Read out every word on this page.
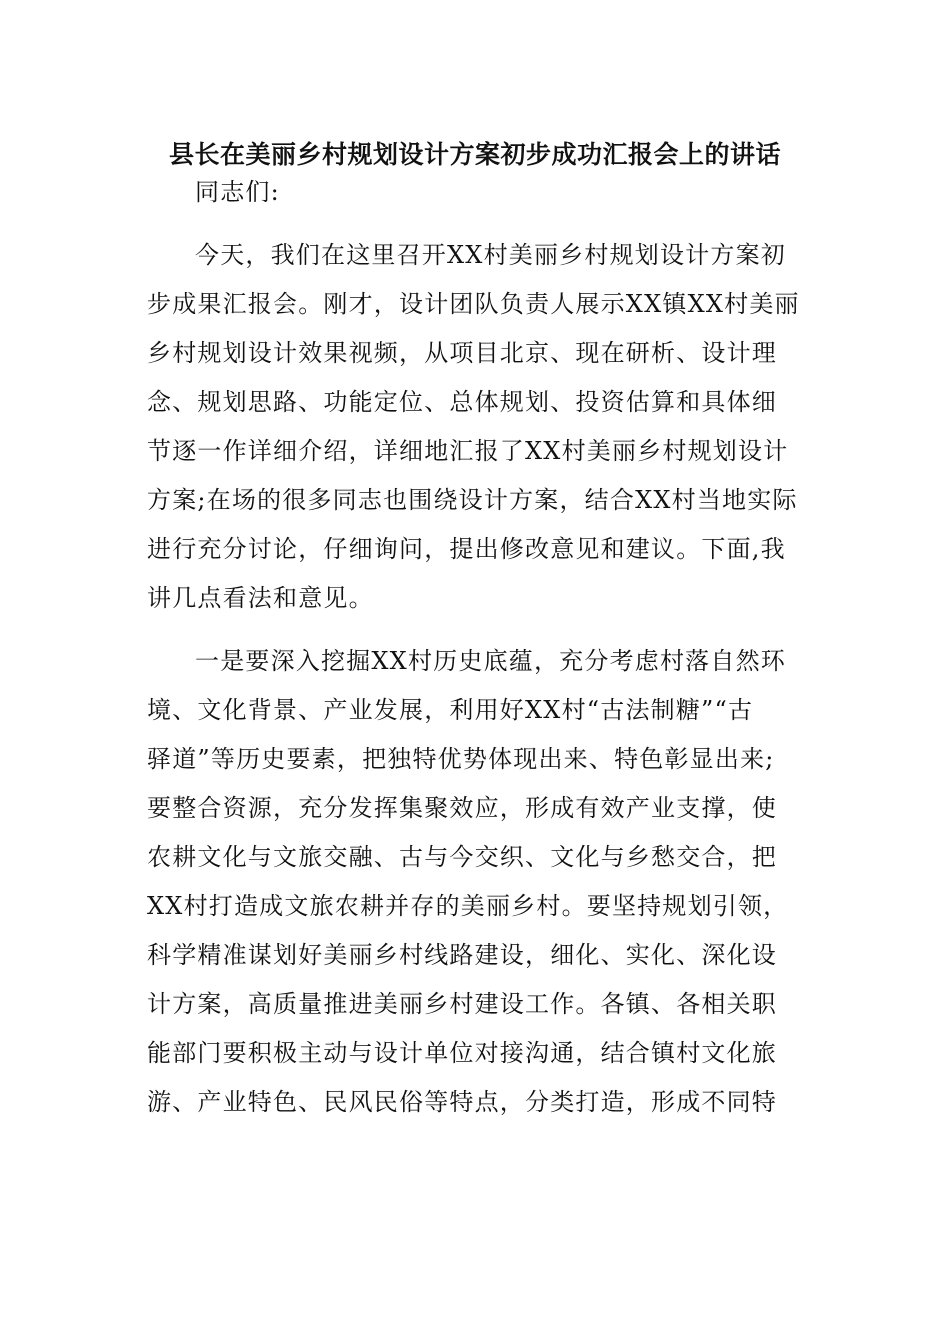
县长在美丽乡村规划设计方案初步成功汇报会上的讲话
同志们:
今天，我们在这里召开XX村美丽乡村规划设计方案初
步成果汇报会。刚才，设计团队负责人展示XX镇XX村美丽
乡村规划设计效果视频，从项目北京、现在研析、设计理
念、规划思路、功能定位、总体规划、投资估算和具体细
节逐一作详细介绍，详细地汇报了XX村美丽乡村规划设计
方案;在场的很多同志也围绕设计方案，结合XX村当地实际
进行充分讨论，仔细询问，提出修改意见和建议。下面,我
讲几点看法和意见。
一是要深入挖掘XX村历史底蕴，充分考虑村落自然环
境、文化背景、产业发展，利用好XX村“古法制糖”“古
驿道”等历史要素，把独特优势体现出来、特色彰显出来;
要整合资源，充分发挥集聚效应，形成有效产业支撑，使
农耕文化与文旅交融、古与今交织、文化与乡愁交合，把
XX村打造成文旅农耕并存的美丽乡村。要坚持规划引领，
科学精准谋划好美丽乡村线路建设，细化、实化、深化设
计方案，高质量推进美丽乡村建设工作。各镇、各相关职
能部门要积极主动与设计单位对接沟通，结合镇村文化旅
游、产业特色、民风民俗等特点，分类打造，形成不同特
